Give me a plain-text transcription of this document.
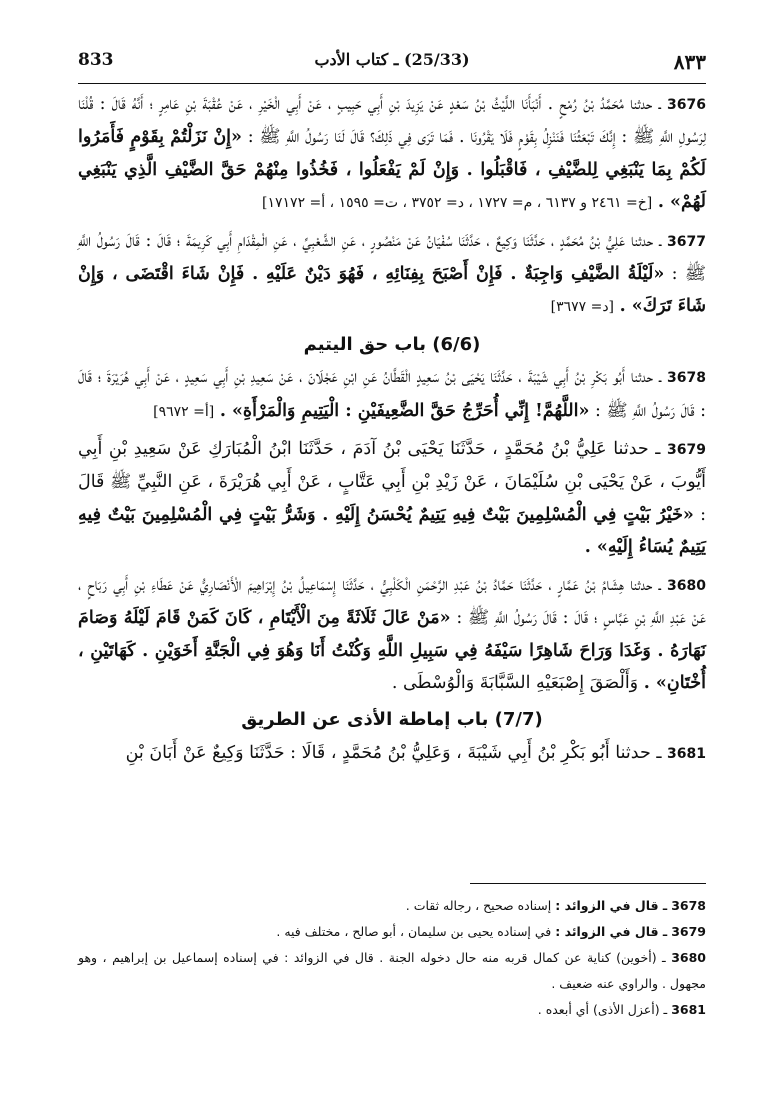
833	(25/33) ـ كتاب الأدب	٨٣٣

3676 ـ حدثنا مُحَمَّدُ بْنُ رُمْحٍ . أَنْبَأَنَا اللَّيْثُ بْنُ سَعْدٍ عَنْ يَزِيدَ بْنِ أَبِي حَبِيبٍ ، عَنْ أَبِي الْخَيْرِ ، عَنْ عُقْبَةَ بْنِ عَامِرٍ ؛ أَنَّهُ قَالَ : قُلْنَا لِرَسُولِ اللَّهِ ﷺ : إِنَّكَ تَبْعَثُنَا فَنَنْزِلُ بِقَوْمٍ فَلَا يَقْرُونَا . فَمَا تَرَى فِي ذَلِكَ؟ قَالَ لَنَا رَسُولُ اللَّهِ ﷺ : «إِنْ نَزَلْتُمْ بِقَوْمٍ فَأَمَرُوا لَكُمْ بِمَا يَنْبَغِي لِلضَّيْفِ ، فَاقْبَلُوا . وَإِنْ لَمْ يَفْعَلُوا ، فَخُذُوا مِنْهُمْ حَقَّ الضَّيْفِ الَّذِي يَنْبَغِي لَهُمْ» . [خ= ٢٤٦١ و ٦١٣٧ ، م= ١٧٢٧ ، د= ٣٧٥٢ ، ت= ١٥٩٥ ، أ= ١٧١٧٢]

3677 ـ حدثنا عَلِيُّ بْنُ مُحَمَّدٍ ، حَدَّثَنَا وَكِيعٌ ، حَدَّثَنَا سُفْيَانُ عَنْ مَنْصُورٍ ، عَنِ الشَّعْبِيِّ ، عَنِ الْمِقْدَامِ أَبِي كَرِيمَةَ ؛ قَالَ : قَالَ رَسُولُ اللَّهِ ﷺ : «لَيْلَةُ الضَّيْفِ وَاجِبَةٌ . فَإِنْ أَصْبَحَ بِفِنَائِهِ ، فَهُوَ دَيْنٌ عَلَيْهِ . فَإِنْ شَاءَ اقْتَضَى ، وَإِنْ شَاءَ تَرَكَ» . [د= ٣٦٧٧]

(6/6) باب حق اليتيم

3678 ـ حدثنا أَبُو بَكْرِ بْنُ أَبِي شَيْبَةَ ، حَدَّثَنَا يَحْيَى بْنُ سَعِيدٍ الْقَطَّانُ عَنِ ابْنِ عَجْلَانَ ، عَنْ سَعِيدِ بْنِ أَبِي سَعِيدٍ ، عَنْ أَبِي هُرَيْرَةَ ؛ قَالَ : قَالَ رَسُولُ اللَّهِ ﷺ : «اللَّهُمَّ! إِنِّي أُحَرِّجُ حَقَّ الضَّعِيفَيْنِ : الْيَتِيمِ وَالْمَرْأَةِ» . [أ= ٩٦٧٢]

3679 ـ حدثنا عَلِيُّ بْنُ مُحَمَّدٍ ، حَدَّثَنَا يَحْيَى بْنُ آدَمَ ، حَدَّثَنَا ابْنُ الْمُبَارَكِ عَنْ سَعِيدِ بْنِ أَبِي أَيُّوبَ ، عَنْ يَحْيَى بْنِ سُلَيْمَانَ ، عَنْ زَيْدِ بْنِ أَبِي عَتَّابٍ ، عَنْ أَبِي هُرَيْرَةَ ، عَنِ النَّبِيِّ ﷺ قَالَ : «خَيْرُ بَيْتٍ فِي الْمُسْلِمِينَ بَيْتٌ فِيهِ يَتِيمٌ يُحْسَنُ إِلَيْهِ . وَشَرُّ بَيْتٍ فِي الْمُسْلِمِينَ بَيْتٌ فِيهِ يَتِيمٌ يُسَاءُ إِلَيْهِ» .

3680 ـ حدثنا هِشَامُ بْنُ عَمَّارٍ ، حَدَّثَنَا حَمَّادُ بْنُ عَبْدِ الرَّحْمَنِ الْكَلْبِيُّ ، حَدَّثَنَا إِسْمَاعِيلُ بْنُ إِبْرَاهِيمَ الْأَنْصَارِيُّ عَنْ عَطَاءِ بْنِ أَبِي رَبَاحٍ ، عَنْ عَبْدِ اللَّهِ بْنِ عَبَّاسٍ ؛ قَالَ : قَالَ رَسُولُ اللَّهِ ﷺ : «مَنْ عَالَ ثَلَاثَةً مِنَ الْأَيْتَامِ ، كَانَ كَمَنْ قَامَ لَيْلَهُ وَصَامَ نَهَارَهُ . وَغَدَا وَرَاحَ شَاهِرًا سَيْفَهُ فِي سَبِيلِ اللَّهِ وَكُنْتُ أَنَا وَهُوَ فِي الْجَنَّةِ أَخَوَيْنِ . كَهَاتَيْنِ ، أُخْتَانِ» . وَأَلْصَقَ إِصْبَعَيْهِ السَّبَّابَةَ وَالْوُسْطَى .

(7/7) باب إماطة الأذى عن الطريق

3681 ـ حدثنا أَبُو بَكْرِ بْنُ أَبِي شَيْبَةَ ، وَعَلِيُّ بْنُ مُحَمَّدٍ ، قَالَا : حَدَّثَنَا وَكِيعٌ عَنْ أَبَانَ بْنِ

3678 ـ قال في الزوائد : إسناده صحيح ، رجاله ثقات .

3679 ـ قال في الزوائد : في إسناده يحيى بن سليمان ، أبو صالح ، مختلف فيه .

3680 ـ (أخوين) كناية عن كمال قربه منه حال دخوله الجنة . قال في الزوائد : في إسناده إسماعيل بن إبراهيم ، وهو مجهول . والراوي عنه ضعيف .

3681 ـ (أعزل الأذى) أي أبعده .
